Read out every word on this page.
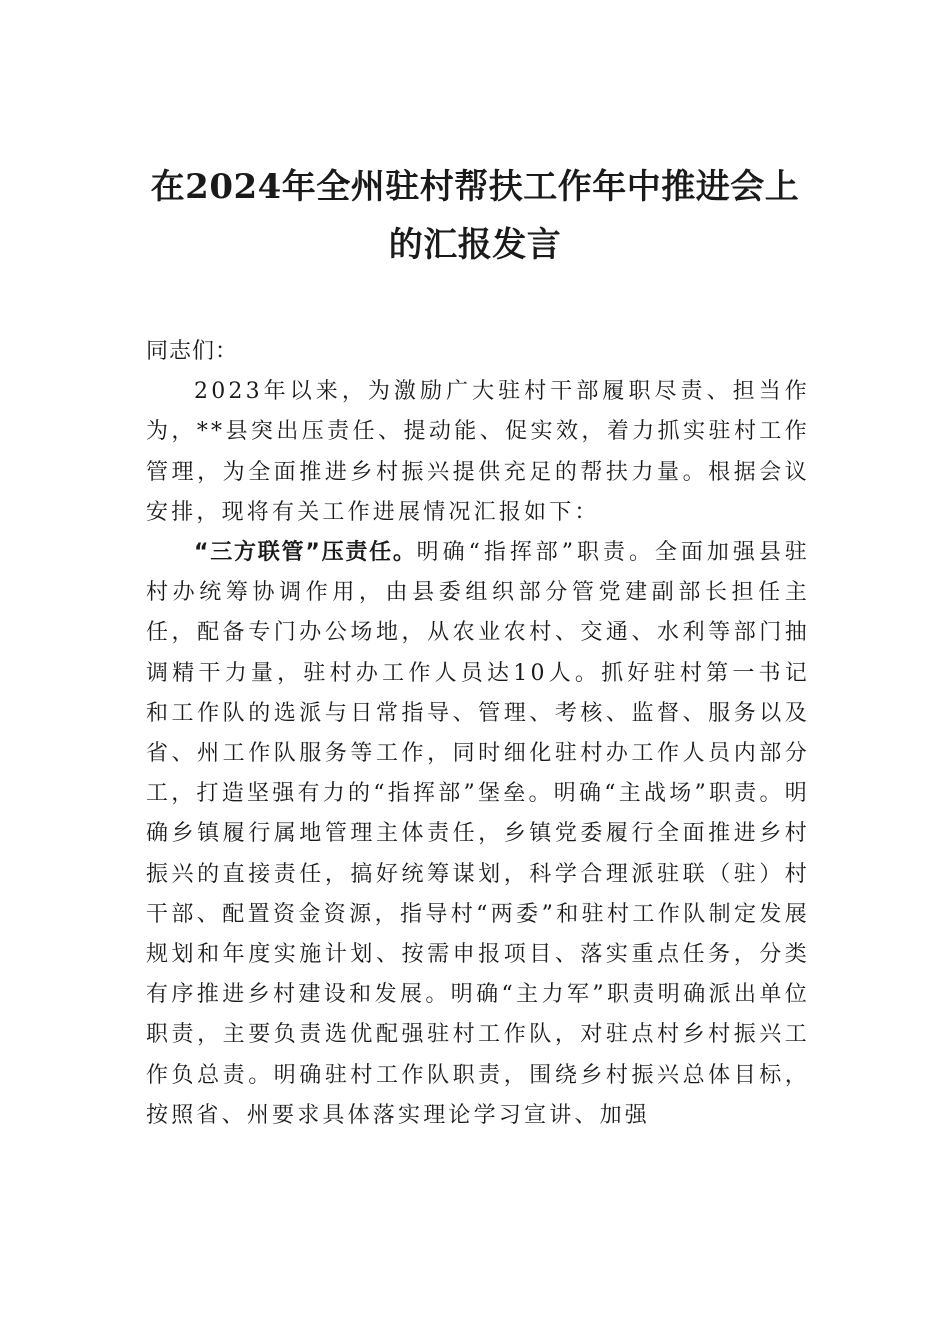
在2024年全州驻村帮扶工作年中推进会上
的汇报发言

同志们：

2023年以来，为激励广大驻村干部履职尽责、担当作为，**县突出压责任、提动能、促实效，着力抓实驻村工作管理，为全面推进乡村振兴提供充足的帮扶力量。根据会议安排，现将有关工作进展情况汇报如下：

“三方联管”压责任。明确“指挥部”职责。全面加强县驻村办统筹协调作用，由县委组织部分管党建副部长担任主任，配备专门办公场地，从农业农村、交通、水利等部门抽调精干力量，驻村办工作人员达10人。抓好驻村第一书记和工作队的选派与日常指导、管理、考核、监督、服务以及省、州工作队服务等工作，同时细化驻村办工作人员内部分工，打造坚强有力的“指挥部”堡垒。明确“主战场”职责。明确乡镇履行属地管理主体责任，乡镇党委履行全面推进乡村振兴的直接责任，搞好统筹谋划，科学合理派驻联（驻）村干部、配置资金资源，指导村“两委”和驻村工作队制定发展规划和年度实施计划、按需申报项目、落实重点任务，分类有序推进乡村建设和发展。明确“主力军”职责明确派出单位职责，主要负责选优配强驻村工作队，对驻点村乡村振兴工作负总责。明确驻村工作队职责，围绕乡村振兴总体目标，按照省、州要求具体落实理论学习宣讲、加强
